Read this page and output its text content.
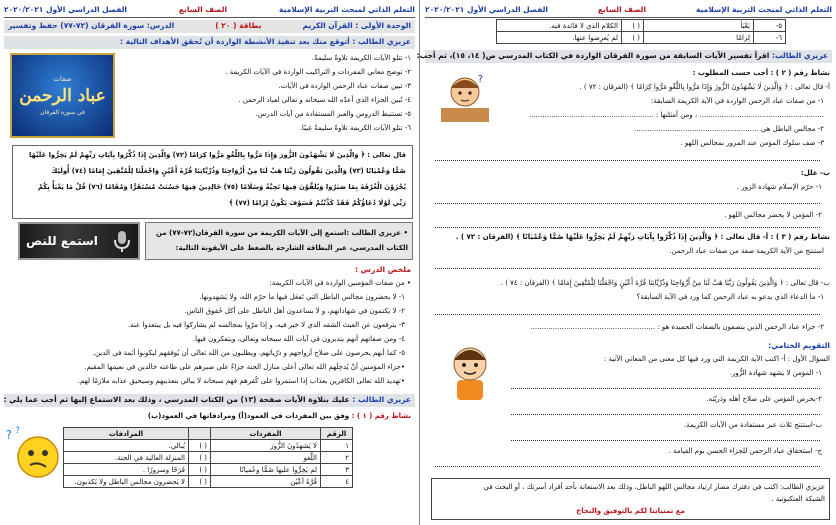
التعلم الذاتي لمبحث التربية الإسلامية
الصف السابع
الفصل الدراسي الأول ٢٠٢٠/٢٠٢١
الوحدة الأولى : القرآن الكريم
بطاقة ( ٢٠ )
الدرس: سورة الفرقان (٧٢-٧٧) حفظ وتفسير
عزيزي الطالب : أتوقع منك بعد تنفيذ الأنشطة الواردة أن تُحقق الأهداف التالية :
١- تتلو الآيات الكريمة تلاوةً سليمةً.
٢- توضح معاني المفردات و التراكيب الواردة في الآيات الكريمة .
٣- تبين صفات عباد الرحمن الواردة في الآيات.
٤- تُبين الجزاء الذي أعدّه الله سبحانه و تعالى لعباد الرحمن .
٥- تستنبط الدروس والعبر المستفادة من آيات الدرس.
٦- تتلو الآيات الكريمة تلاوةً سليمةً غيبًا.
صفات
عباد الرحمن
في سورة الفرقان
قال تعالى : ﴿ وَالَّذِينَ لَا يَشْهَدُونَ الزُّورَ وَإِذَا مَرُّوا بِاللَّغْوِ مَرُّوا كِرَامًا (٧٢) وَالَّذِينَ إِذَا ذُكِّرُوا بِآيَاتِ رَبِّهِمْ لَمْ يَخِرُّوا عَلَيْهَا
صُمًّا وَعُمْيَانًا (٧٣) وَالَّذِينَ يَقُولُونَ رَبَّنَا هَبْ لَنَا مِنْ أَزْوَاجِنَا وَذُرِّيَّاتِنَا قُرَّةَ أَعْيُنٍ وَاجْعَلْنَا لِلْمُتَّقِينَ إِمَامًا (٧٤) أُولَئِكَ
يُجْزَوْنَ الْغُرْفَةَ بِمَا صَبَرُوا وَيُلَقَّوْنَ فِيهَا تَحِيَّةً وَسَلَامًا (٧٥) خَالِدِينَ فِيهَا حَسُنَتْ مُسْتَقَرًّا وَمُقَامًا (٧٦) قُلْ مَا يَعْبَأُ بِكُمْ
رَبِّي لَوْلَا دُعَاؤُكُمْ فَقَدْ كَذَّبْتُمْ فَسَوْفَ يَكُونُ لِزَامًا (٧٧) ﴾
• عزيزي الطالب :استمع إلى الآيات الكريمة من سورة الفرقان(٧٢-٧٧) من
الكتاب المدرسي، عبر البطاقة الشارحة بالضغط على الأيقونة التالية:
استمع للنص
ملخص الدرس :
• من صفات المؤمنين الواردة في الآيات الكريمة:
١- لا يحضرون مجالس الباطل التي تَفعَل فيها ما حرّم الله، ولا يَشهدونها.
٢- لا يكتمون في شهاداتهم، و لا يساعدون أهل الباطل على أكل حُقوق الناس.
٣- يترفعون عن العبث الشفه الذي لا خير فيه، و إذا مرّوا بمجالسه لم يشاركوا فيه بل يبتعدوا عنه.
٤- ومن صفاتهم أنهم يتدبرون في آيات الله سبحانه وتعالى، ويتفكرون فيها.
٥- كما أنهم يحرصون على صلاح أزواجهم و ذرّياتهم، ويطلبون من الله تعالى أن يُوفقهم ليكونوا أئمة في الدين.
•جزاء المؤمنين أنْ يُدخِلَهم الله تعالى أعلى منازل الجنة جزاءً على صبرهم على طاعته خالدين في نعيمها المقيم.
•تهديد الله تعالى الكافرين بعذاب إذا استمروا على كُفرهم فهم سبحانه لا يبالي بتعذيبهم وسيحيق عذابه ملازمًا لهم.
عزيزي الطالب : عليك بتلاوة الآيات صفحة (١٣) من الكتاب المدرسي ، وذلك بعد الاستماع إليها ثم أجب عما يلي :
نشاط رقم ( ١ ) : وفق بين المفردات في العمود(أ) ومرادفاتها في العمود(ب)
الرقم	المفردات		المرادفات
١	لا يَشهدُونَ الزُّورَ	( )	يُبالي.
٢	اللَّغو	( )	المنزلة العالية في الجنة.
٣	لم يَخِرُّوا عليها صُمًّا وعُميانًا	( )	فَرَحًا وسرورًا .
٤	قُرَّةُ أعْيُن	( )	لا يَحضرون مجالس الباطل ولا يَكذبون.
? ?
التعلم الذاتي لمبحث التربية الإسلامية
الصف السابع
الفصل الدراسي الأول ٢٠٢٠/٢٠٢١
٥-	يَعْبَأ	( )	الكلام الذي لا فائدة فيه.
٦-	لِزامًا	( )	لم يُعرِضوا عنها.
عزيزي الطالب: اقرأ تفسير الآيات السابقة من سورة الفرقان الواردة في الكتاب المدرسي ص( ١٤، ١٥)، ثم أجب:
نشاط رقم ( ٢ ) : أجب حسب المطلوب :
أ- قال تعالى : ﴿ وَالَّذِينَ لَا يَشْهَدُونَ الزُّورَ وَإِذَا مَرُّوا بِاللَّغْوِ مَرُّوا كِرَامًا ﴾ (الفرقان : ٧٢ ) .
١- من صفات عباد الرحمن الواردة في الآية الكريمة السابقة:
........................................................ ، ومن أمثلتها : ........................................................
٢- مجالس الباطل هي ........................................................
٣- صف سلوك المؤمن عند المرور بمجالس اللهو .
ب- علل:
١- حرّم الإسلام شهادة الزور .
٢- المؤمن لا يحضر مجالس اللهو .
?
نشاط رقم ( ٣ ) : أ- قال تعالى : ﴿ وَالَّذِينَ إِذَا ذُكِّرُوا بِآيَاتِ رَبِّهِمْ لَمْ يَخِرُّوا عَلَيْهَا صُمًّا وَعُمْيَانًا ﴾ (الفرقان : ٧٣ ) .
استنتج من الآية الكريمة صفة من صفات عباد الرحمن.
ب- قال تعالى : ﴿ وَالَّذِينَ يَقُولُونَ رَبَّنَا هَبْ لَنَا مِنْ أَزْوَاجِنَا وَذُرِّيَّاتِنَا قُرَّةَ أَعْيُنٍ وَاجْعَلْنَا لِلْمُتَّقِينَ إِمَامًا ﴾ (الفرقان : ٧٤ ) .
١- ما الدعاء الذي يدعو به عباد الرحمن كما ورد في الآية السابقة؟
٢- جزاء عباد الرحمن الذين يتصفون بالصفات الحميدة هو : ........................................................
التقويم الختامي:
السؤال الأول : أ- اكتب الآية الكريمة التي ورد فيها كل معنى من المعاني الآتية :
١- المؤمن لا يشهد شهادة الزُّور.
٢-يحرص المؤمن على صلاح أهله وذريّته.
ب-استنتج ثلاث عبر مستفادة من الآيات الكريمة.
ج- استحقاق عباد الرحمن للجزاء الحسن يوم القيامة .
عزيزي الطالب: اكتب في دفترك مضار ارتياد مجالس اللهو الباطل، وذلك بعد الاستعانة بأحد أفراد أسرتك ، أو البحث في
الشبكة العنكبوتية .
مع تمنياتنا لكم بالتوفيق والنجاح
